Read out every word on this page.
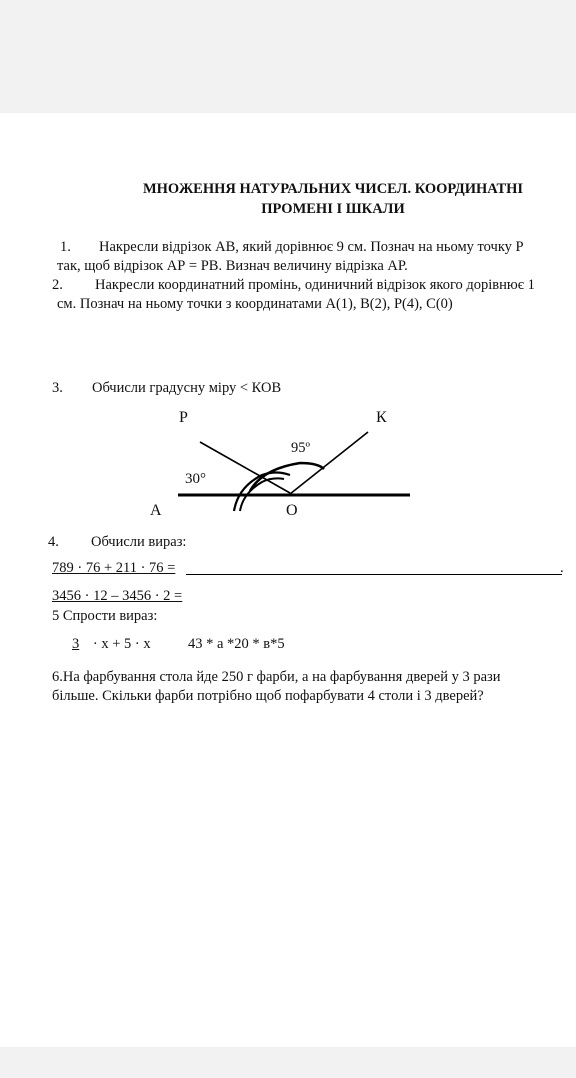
МНОЖЕННЯ НАТУРАЛЬНИХ ЧИСЕЛ. КООРДИНАТНІ
ПРОМЕНІ І ШКАЛИ
1. Накресли відрізок АВ, який дорівнює 9 см. Познач на ньому точку Р
так, щоб відрізок АР = РВ. Визнач величину відрізка АР.
2. Накресли координатний промінь, одиничний відрізок якого дорівнює 1
см. Познач на ньому точки з координатами А(1), В(2), Р(4), С(0)
3. Обчисли градусну міру < КОВ
Р	К
95º
30°
А	О
4. Обчисли вираз:
789 · 76 + 211 · 76 =	.
3456 · 12 – 3456 · 2 =
5 Спрости вираз:
3 · х + 5 · х	43 * а *20 * в*5
6.На фарбування стола йде 250 г фарби, а на фарбування дверей у 3 рази
більше. Скільки фарби потрібно щоб пофарбувати 4 столи і 3 дверей?
